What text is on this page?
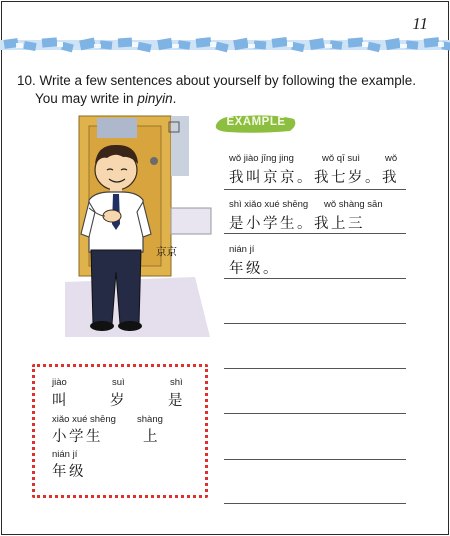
11
10. Write a few sentences about yourself by following the example.
You may write in pinyin.
京京
EXAMPLE
wǒ jiào jīng jing	wǒ qī suì	wǒ
我叫京京。我七岁。我
shì xiǎo xué shēng wǒ shàng sān
是小学生。我上三
nián jí
年级。
jiào	suì	shì
叫	岁	是
xiǎo xué shēng shàng
小学生	上
nián jí
年级
